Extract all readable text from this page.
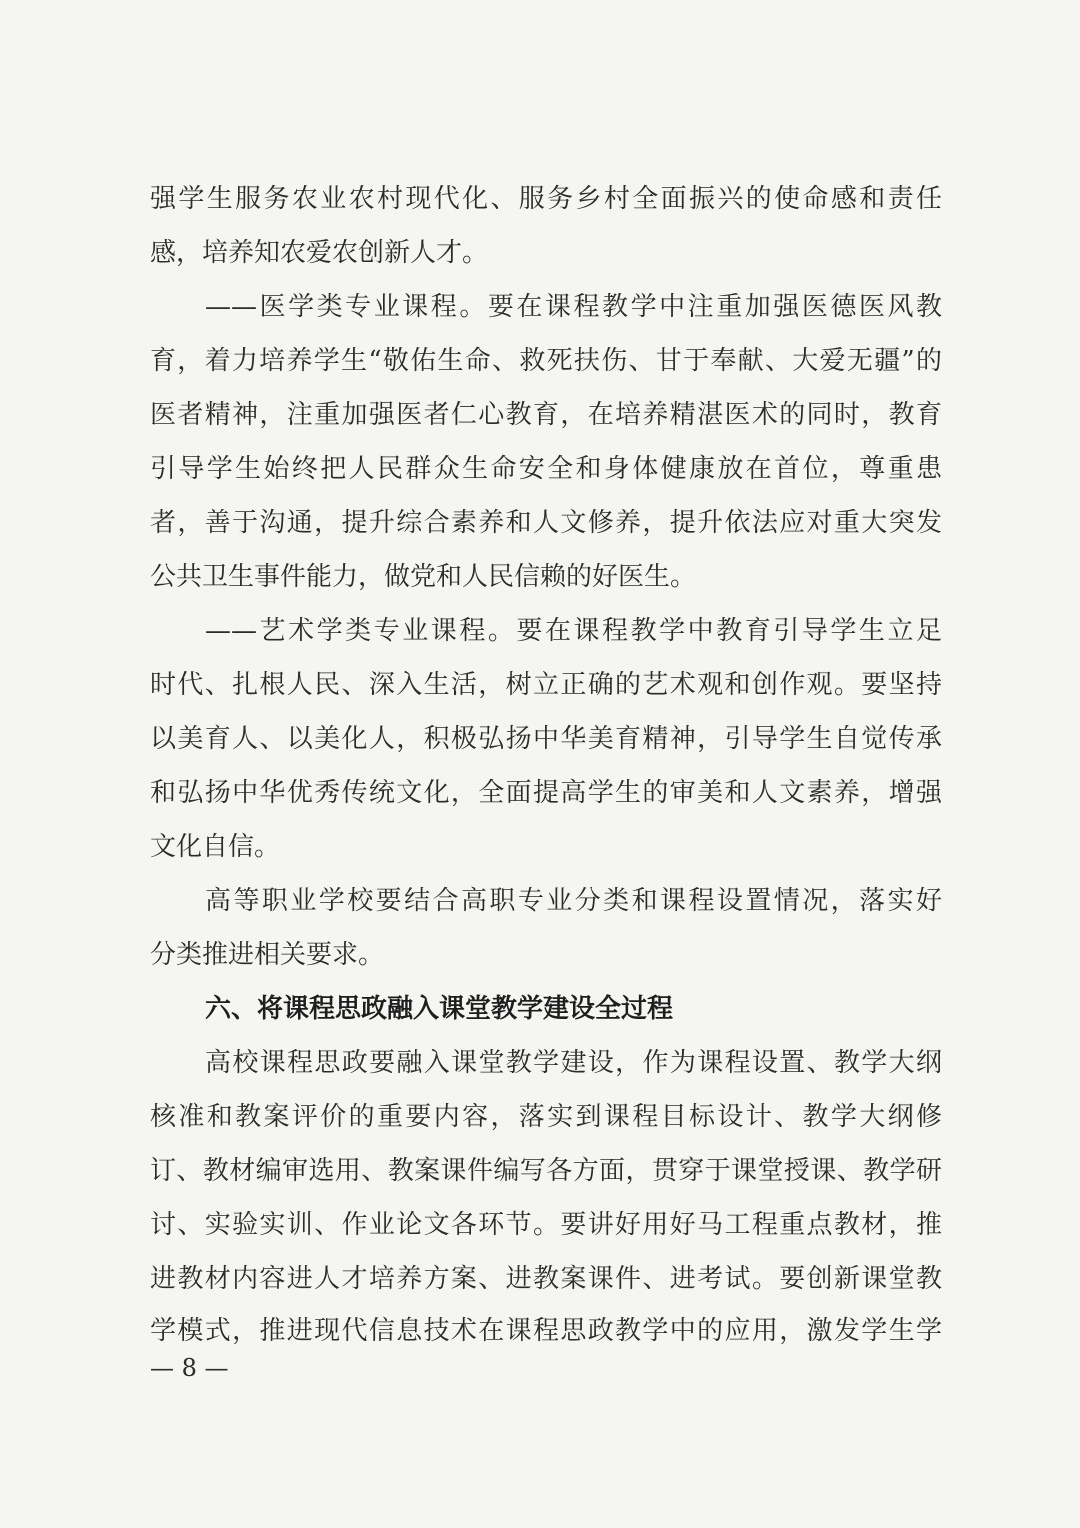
强学生服务农业农村现代化、服务乡村全面振兴的使命感和责任
感，培养知农爱农创新人才。
——医学类专业课程。要在课程教学中注重加强医德医风教
育，着力培养学生“敬佑生命、救死扶伤、甘于奉献、大爱无疆”的
医者精神，注重加强医者仁心教育，在培养精湛医术的同时，教育
引导学生始终把人民群众生命安全和身体健康放在首位，尊重患
者，善于沟通，提升综合素养和人文修养，提升依法应对重大突发
公共卫生事件能力，做党和人民信赖的好医生。
——艺术学类专业课程。要在课程教学中教育引导学生立足
时代、扎根人民、深入生活，树立正确的艺术观和创作观。要坚持
以美育人、以美化人，积极弘扬中华美育精神，引导学生自觉传承
和弘扬中华优秀传统文化，全面提高学生的审美和人文素养，增强
文化自信。
高等职业学校要结合高职专业分类和课程设置情况，落实好
分类推进相关要求。
六、将课程思政融入课堂教学建设全过程
高校课程思政要融入课堂教学建设，作为课程设置、教学大纲
核准和教案评价的重要内容，落实到课程目标设计、教学大纲修
订、教材编审选用、教案课件编写各方面，贯穿于课堂授课、教学研
讨、实验实训、作业论文各环节。要讲好用好马工程重点教材，推
进教材内容进人才培养方案、进教案课件、进考试。要创新课堂教
学模式，推进现代信息技术在课程思政教学中的应用，激发学生学
— 8 —
